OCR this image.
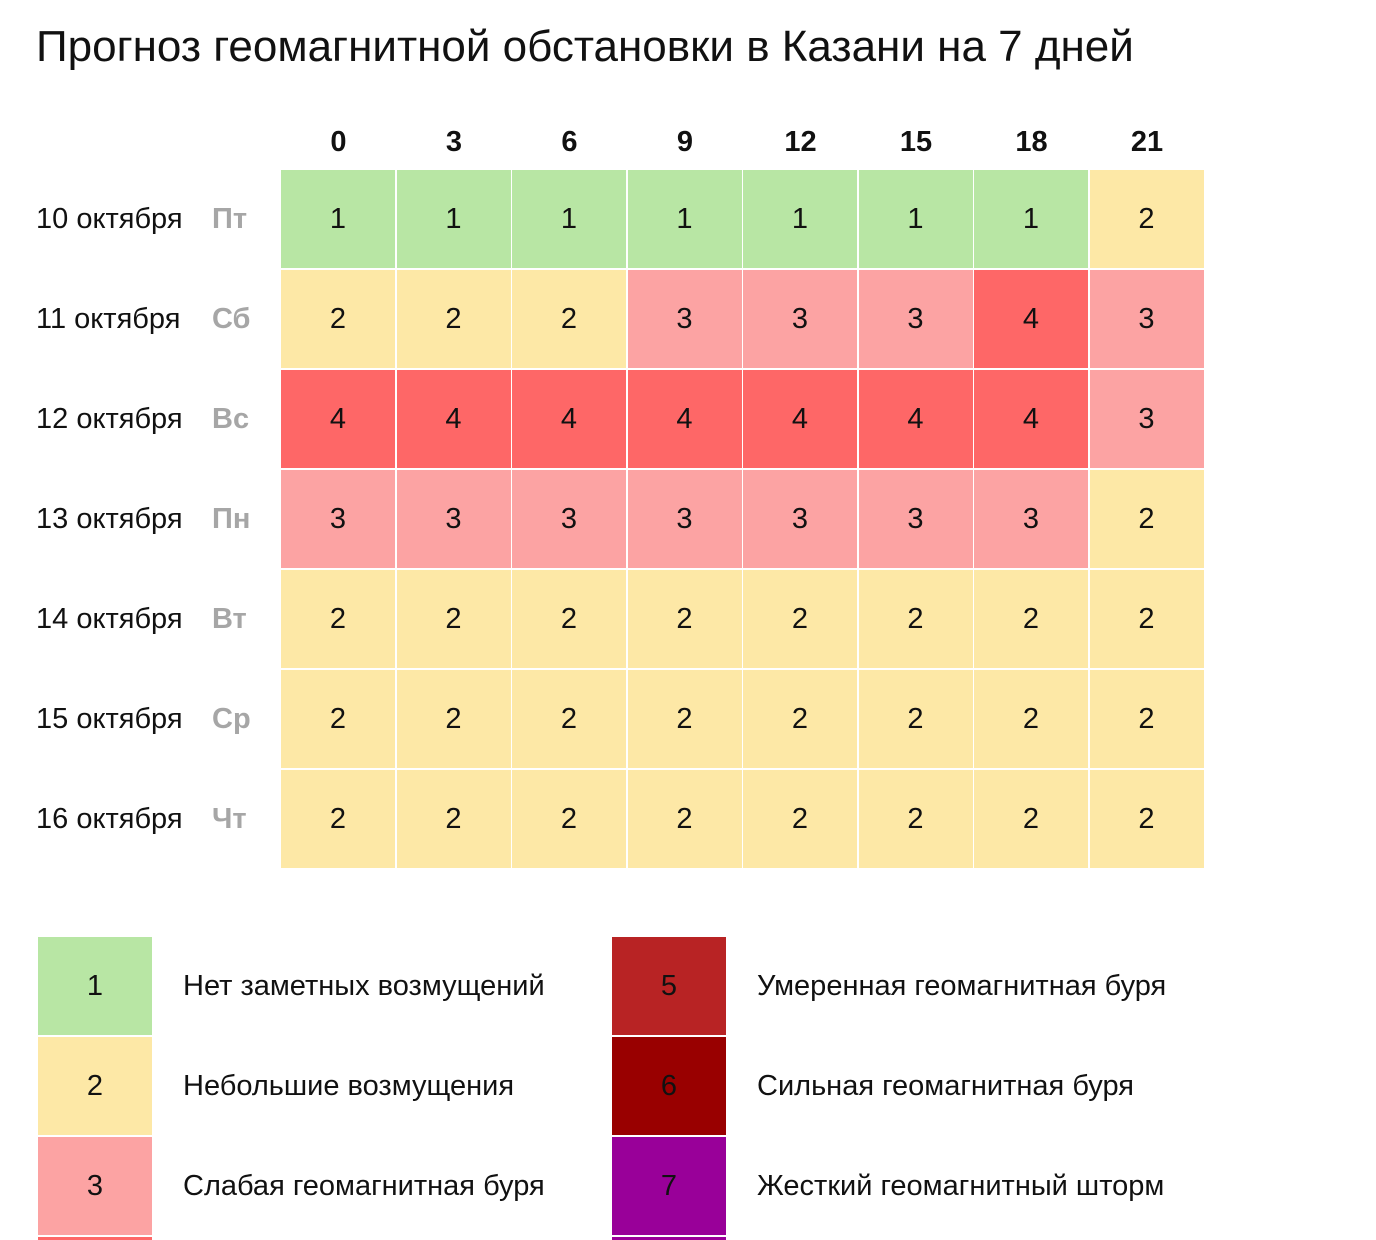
Прогноз геомагнитной обстановки в Казани на 7 дней
0	3	6	9	12	15	18	21
10 октября Пт	1	1	1	1	1	1	1	2
11 октября Сб	2	2	2	3	3	3	4	3
12 октября Вс	4	4	4	4	4	4	4	3
13 октября Пн	3	3	3	3	3	3	3	2
14 октября Вт	2	2	2	2	2	2	2	2
15 октября Ср	2	2	2	2	2	2	2	2
16 октября Чт	2	2	2	2	2	2	2	2
1	Нет заметных возмущений
2	Небольшие возмущения
3	Слабая геомагнитная буря
5	Умеренная геомагнитная буря
6	Сильная геомагнитная буря
7	Жесткий геомагнитный шторм
